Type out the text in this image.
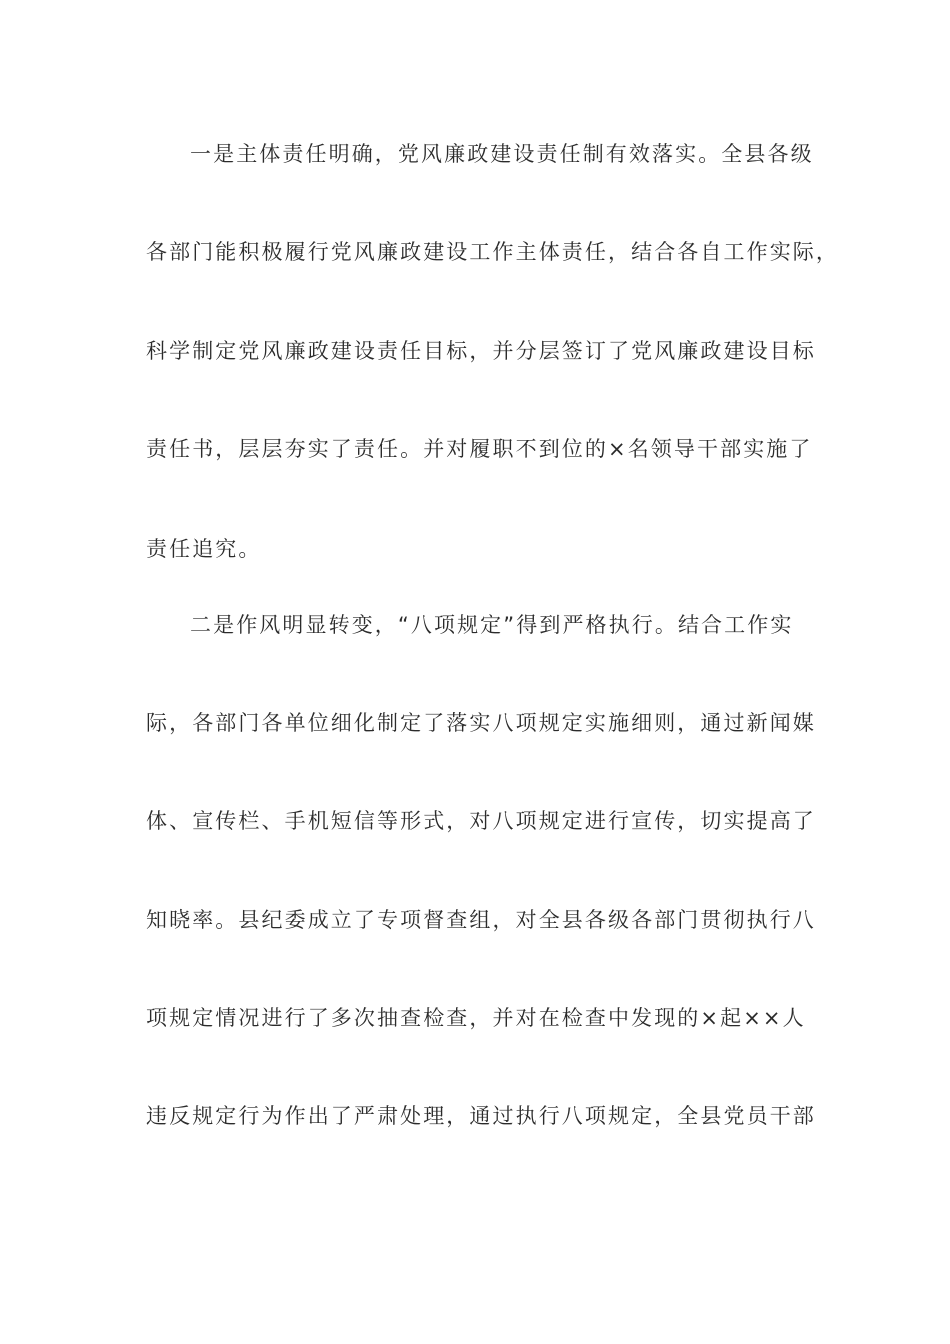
一是主体责任明确，党风廉政建设责任制有效落实。全县各级
各部门能积极履行党风廉政建设工作主体责任，结合各自工作实际，
科学制定党风廉政建设责任目标，并分层签订了党风廉政建设目标
责任书，层层夯实了责任。并对履职不到位的×名领导干部实施了
责任追究。
二是作风明显转变，“八项规定”得到严格执行。结合工作实
际，各部门各单位细化制定了落实八项规定实施细则，通过新闻媒
体、宣传栏、手机短信等形式，对八项规定进行宣传，切实提高了
知晓率。县纪委成立了专项督查组，对全县各级各部门贯彻执行八
项规定情况进行了多次抽查检查，并对在检查中发现的×起××人
违反规定行为作出了严肃处理，通过执行八项规定，全县党员干部
